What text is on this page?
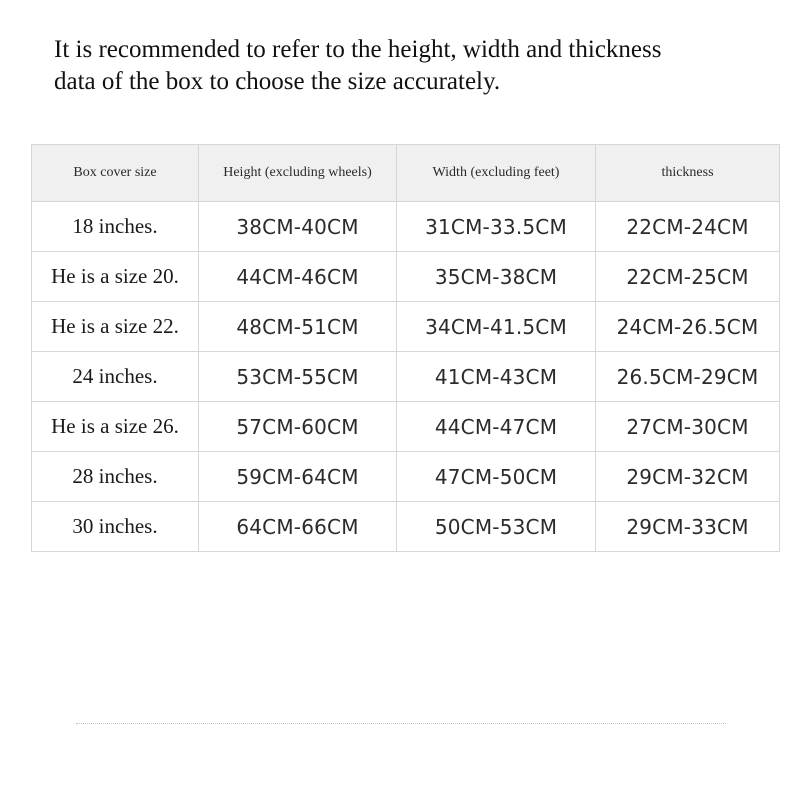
It is recommended to refer to the height, width and thickness
data of the box to choose the size accurately.

Box cover size	Height (excluding wheels)	Width (excluding feet)	thickness
18 inches.	38CM-40CM	31CM-33.5CM	22CM-24CM
He is a size 20.	44CM-46CM	35CM-38CM	22CM-25CM
He is a size 22.	48CM-51CM	34CM-41.5CM	24CM-26.5CM
24 inches.	53CM-55CM	41CM-43CM	26.5CM-29CM
He is a size 26.	57CM-60CM	44CM-47CM	27CM-30CM
28 inches.	59CM-64CM	47CM-50CM	29CM-32CM
30 inches.	64CM-66CM	50CM-53CM	29CM-33CM
